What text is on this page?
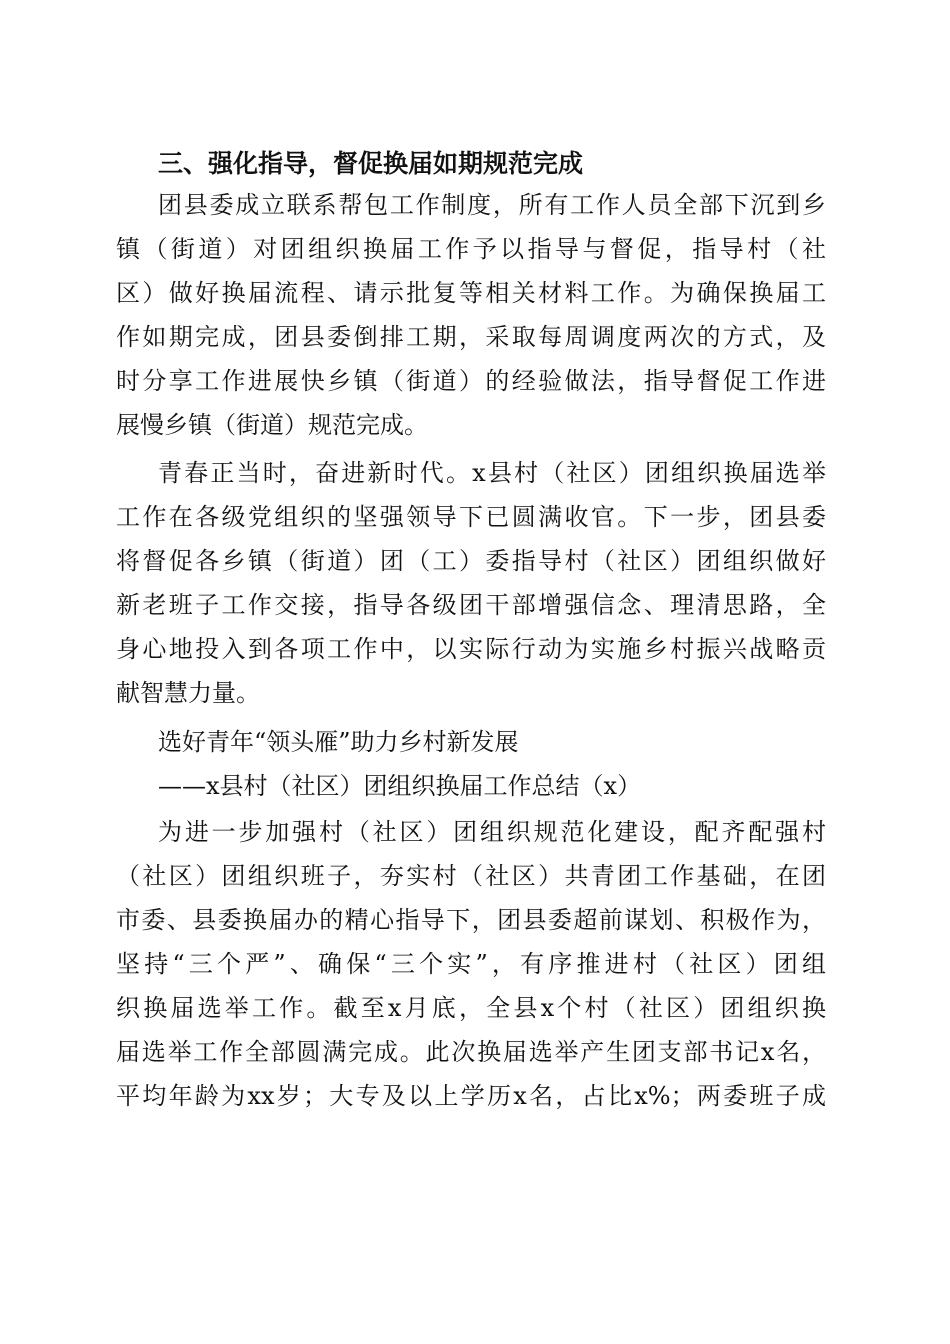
三、强化指导，督促换届如期规范完成
团县委成立联系帮包工作制度，所有工作人员全部下沉到乡
镇（街道）对团组织换届工作予以指导与督促，指导村（社
区）做好换届流程、请示批复等相关材料工作。为确保换届工
作如期完成，团县委倒排工期，采取每周调度两次的方式，及
时分享工作进展快乡镇（街道）的经验做法，指导督促工作进
展慢乡镇（街道）规范完成。
青春正当时，奋进新时代。x县村（社区）团组织换届选举
工作在各级党组织的坚强领导下已圆满收官。下一步，团县委
将督促各乡镇（街道）团（工）委指导村（社区）团组织做好
新老班子工作交接，指导各级团干部增强信念、理清思路，全
身心地投入到各项工作中，以实际行动为实施乡村振兴战略贡
献智慧力量。
选好青年“领头雁”助力乡村新发展
——x县村（社区）团组织换届工作总结（x）
为进一步加强村（社区）团组织规范化建设，配齐配强村
（社区）团组织班子，夯实村（社区）共青团工作基础，在团
市委、县委换届办的精心指导下，团县委超前谋划、积极作为，
坚持“三个严”、确保“三个实”，有序推进村（社区）团组
织换届选举工作。截至x月底，全县x个村（社区）团组织换
届选举工作全部圆满完成。此次换届选举产生团支部书记x名，
平均年龄为xx岁；大专及以上学历x名，占比x%；两委班子成
